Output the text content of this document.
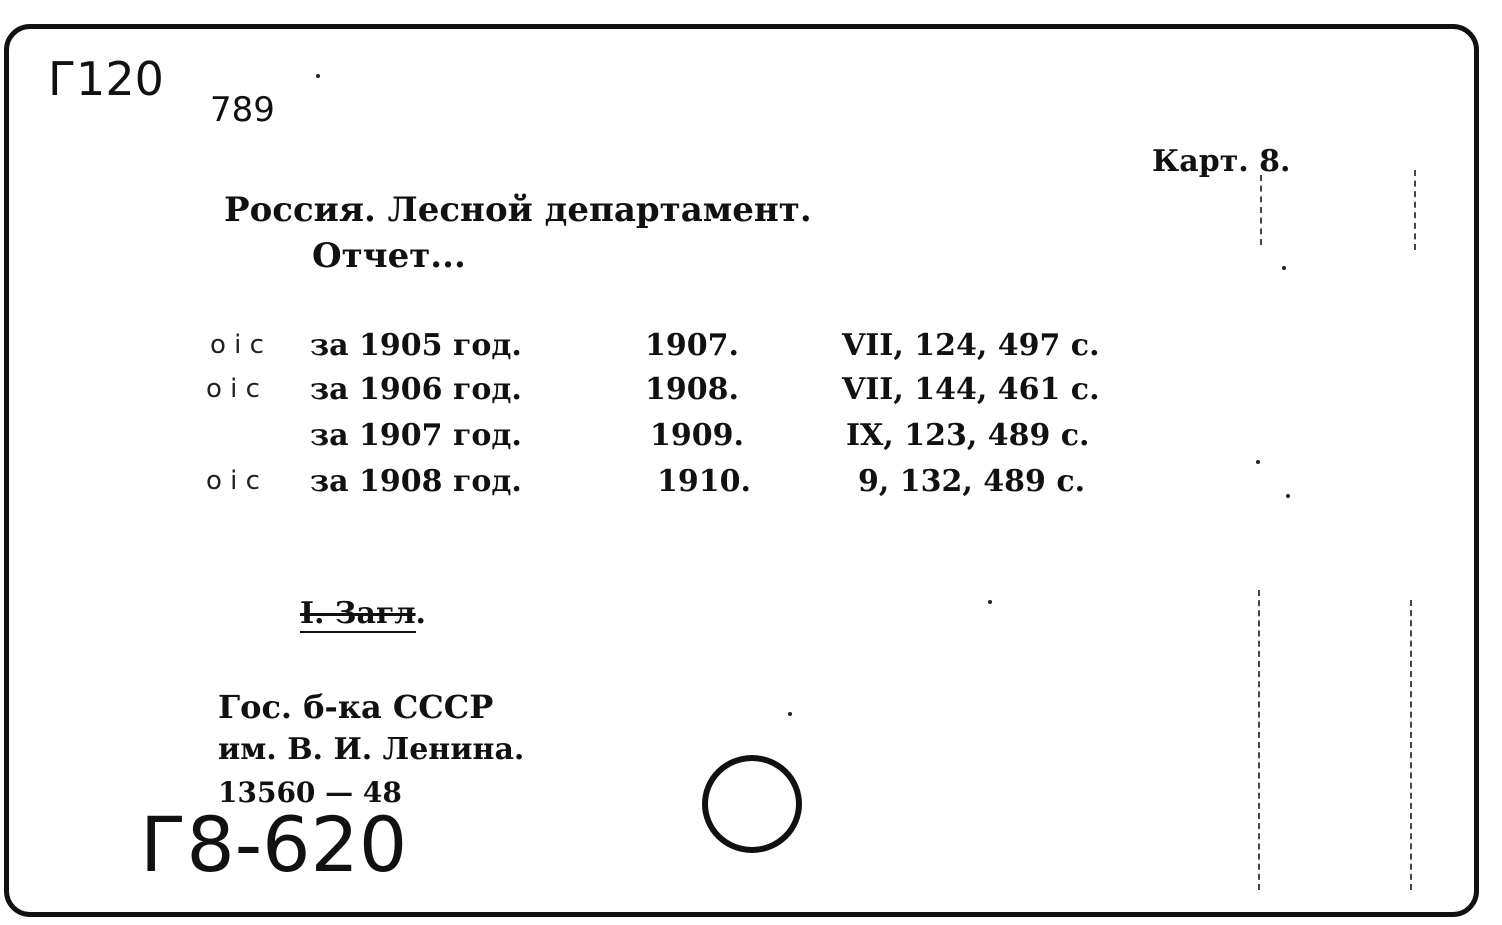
Г120
789
Г8-620
Карт. 8.
Россия. Лесной департамент.
Отчет...
о і с за 1905 год.	1907.	VII, 124, 497 с.
о і с за 1906 год.	1908.	VII, 144, 461 с.
за 1907 год.	1909.	IX, 123, 489 с.
о і с за 1908 год.	1910.	9, 132, 489 с.
I. Загл.
Гос. б-ка СССР
им. В. И. Ленина.
13560 — 48
